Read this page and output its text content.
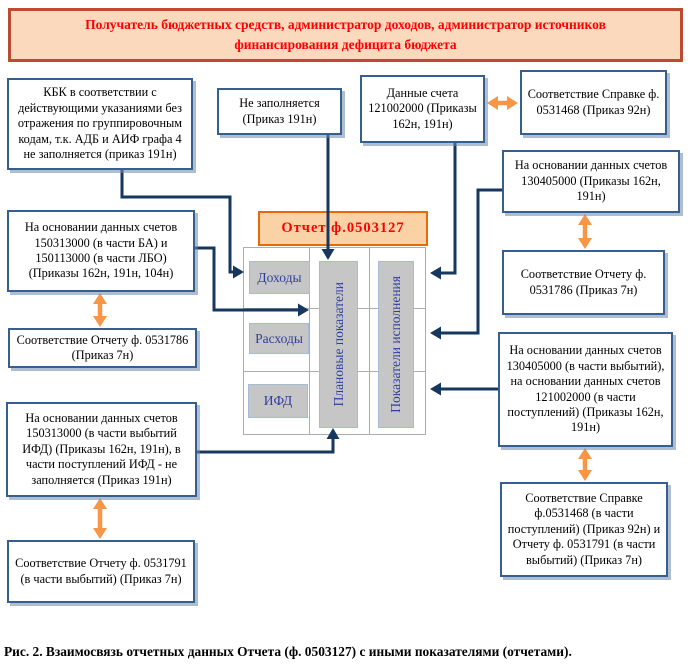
Отчет ф.0503127
Доходы
Расходы
ИФД	Плановые показатели	Показатели исполнения
Получатель бюджетных средств, администратор доходов, администратор источников финансирования дефицита бюджета
КБК в соответствии с действующими указаниями без отражения по группировочным кодам, т.к. АДБ и АИФ графа 4 не заполняется (приказ 191н)
Не заполняется (Приказ 191н)
Данные счета 121002000 (Приказы 162н, 191н)
Соответствие Справке ф. 0531468 (Приказ 92н)
На основании данных счетов 150313000 (в части БА) и 150113000 (в части ЛБО) (Приказы 162н, 191н, 104н)
На основании данных счетов 130405000 (Приказы 162н, 191н)
Соответствие Отчету ф. 0531786 (Приказ 7н)
Соответствие Отчету ф. 0531786 (Приказ 7н)
На основании данных счетов 150313000 (в части выбытий ИФД) (Приказы 162н, 191н), в части поступлений ИФД - не заполняется (Приказ 191н)
На основании данных счетов 130405000 (в части выбытий), на основании данных счетов 121002000 (в части поступлений) (Приказы 162н, 191н)
Соответствие Отчету ф. 0531791 (в части выбытий) (Приказ 7н)
Соответствие Справке ф.0531468 (в части поступлений) (Приказ 92н) и Отчету ф. 0531791 (в части выбытий) (Приказ 7н)
Рис. 2. Взаимосвязь отчетных данных Отчета (ф. 0503127) с иными показателями (отчетами).
